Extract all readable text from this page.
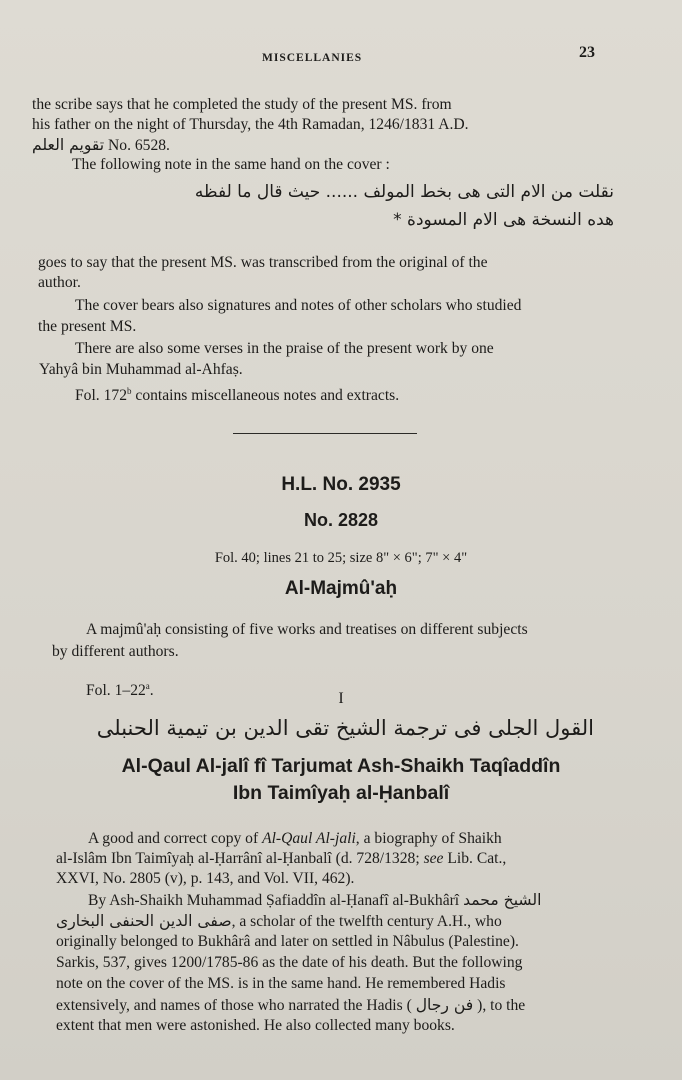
MISCELLANIES	23
the scribe says that he completed the study of the present MS. from
his father on the night of Thursday, the 4th Ramadan, 1246/1831 A.D.
تقويم العلم No. 6528.
The following note in the same hand on the cover :
نقلت من الام التى هى بخط المولف ...... حيث قال ما لفظه
هده النسخة هى الام المسودة *
goes to say that the present MS. was transcribed from the original of the
author.
The cover bears also signatures and notes of other scholars who studied
the present MS.
There are also some verses in the praise of the present work by one
Yahyâ bin Muhammad al-Ahfaṣ.
Fol. 172$^b$ contains miscellaneous notes and extracts.
H.L. No. 2935
No. 2828
Fol. 40; lines 21 to 25; size 8" × 6"; 7" × 4"
Al-Majmû'aḥ
A majmû'aḥ consisting of five works and treatises on different subjects
by different authors.
Fol. 1–22$^a$.	I
القول الجلى فى ترجمة الشيخ تقى الدين بن تيمية الحنبلى
Al-Qaul Al-jalî fî Tarjumat Ash-Shaikh Taqîaddîn
Ibn Taimîyaḥ al-Ḥanbalî
A good and correct copy of Al-Qaul Al-jali, a biography of Shaikh
al-Islâm Ibn Taimîyaḥ al-Ḥarrânî al-Ḥanbalî (d. 728/1328; see Lib. Cat.,
XXVI, No. 2805 (v), p. 143, and Vol. VII, 462).
By Ash-Shaikh Muhammad Ṣafiaddîn al-Ḥanafî al-Bukhârî الشيخ محمد
صفى الدين الحنفى البخارى, a scholar of the twelfth century A.H., who
originally belonged to Bukhârâ and later on settled in Nâbulus (Palestine).
Sarkis, 537, gives 1200/1785-86 as the date of his death. But the following
note on the cover of the MS. is in the same hand. He remembered Hadis
extensively, and names of those who narrated the Hadis ( فن رجال ), to the
extent that men were astonished. He also collected many books.
